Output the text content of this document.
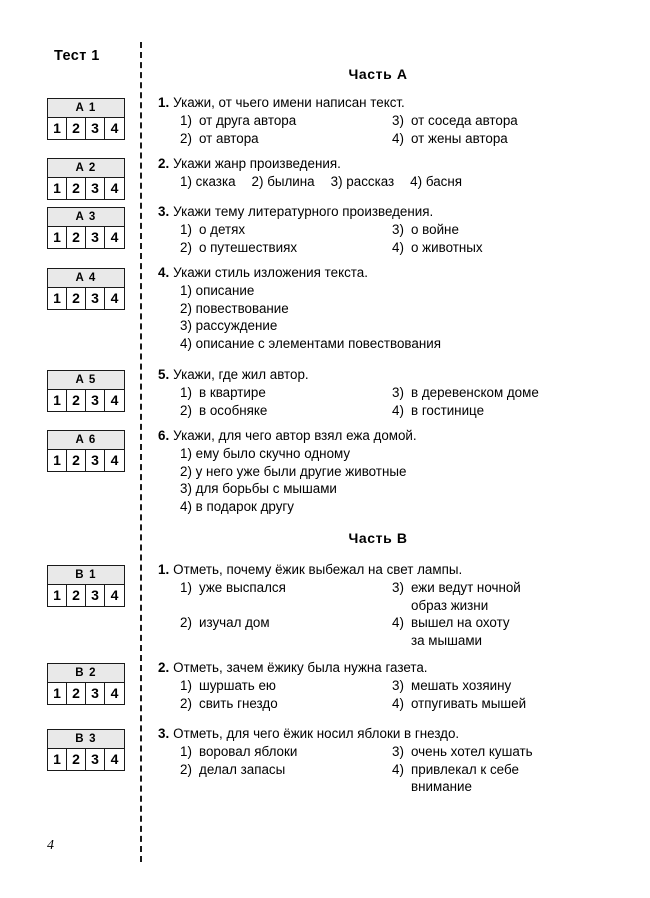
Тест 1
A 1
1 2 3 4
A 2
1 2 3 4
A 3
1 2 3 4
A 4
1 2 3 4
A 5
1 2 3 4
A 6
1 2 3 4
B 1
1 2 3 4
B 2
1 2 3 4
B 3
1 2 3 4
Часть А
1. Укажи, от чьего имени написан текст.
1) от друга автора	3) от соседа автора
2) от автора	4) от жены автора
2. Укажи жанр произведения.
1) сказка 2) былина 3) рассказ 4) басня
3. Укажи тему литературного произведения.
1) о детях	3) о войне
2) о путешествиях	4) о животных
4. Укажи стиль изложения текста.
1) описание
2) повествование
3) рассуждение
4) описание с элементами повествования
5. Укажи, где жил автор.
1) в квартире	3) в деревенском доме
2) в особняке	4) в гостинице
6. Укажи, для чего автор взял ежа домой.
1) ему было скучно одному
2) у него уже были другие животные
3) для борьбы с мышами
4) в подарок другу
Часть В
1. Отметь, почему ёжик выбежал на свет лампы.
1) уже выспался	3) ежи ведут ночной
образ жизни
2) изучал дом	4) вышел на охоту
за мышами
2. Отметь, зачем ёжику была нужна газета.
1) шуршать ею	3) мешать хозяину
2) свить гнездо	4) отпугивать мышей
3. Отметь, для чего ёжик носил яблоки в гнездо.
1) воровал яблоки	3) очень хотел кушать
2) делал запасы	4) привлекал к себе
внимание
4
